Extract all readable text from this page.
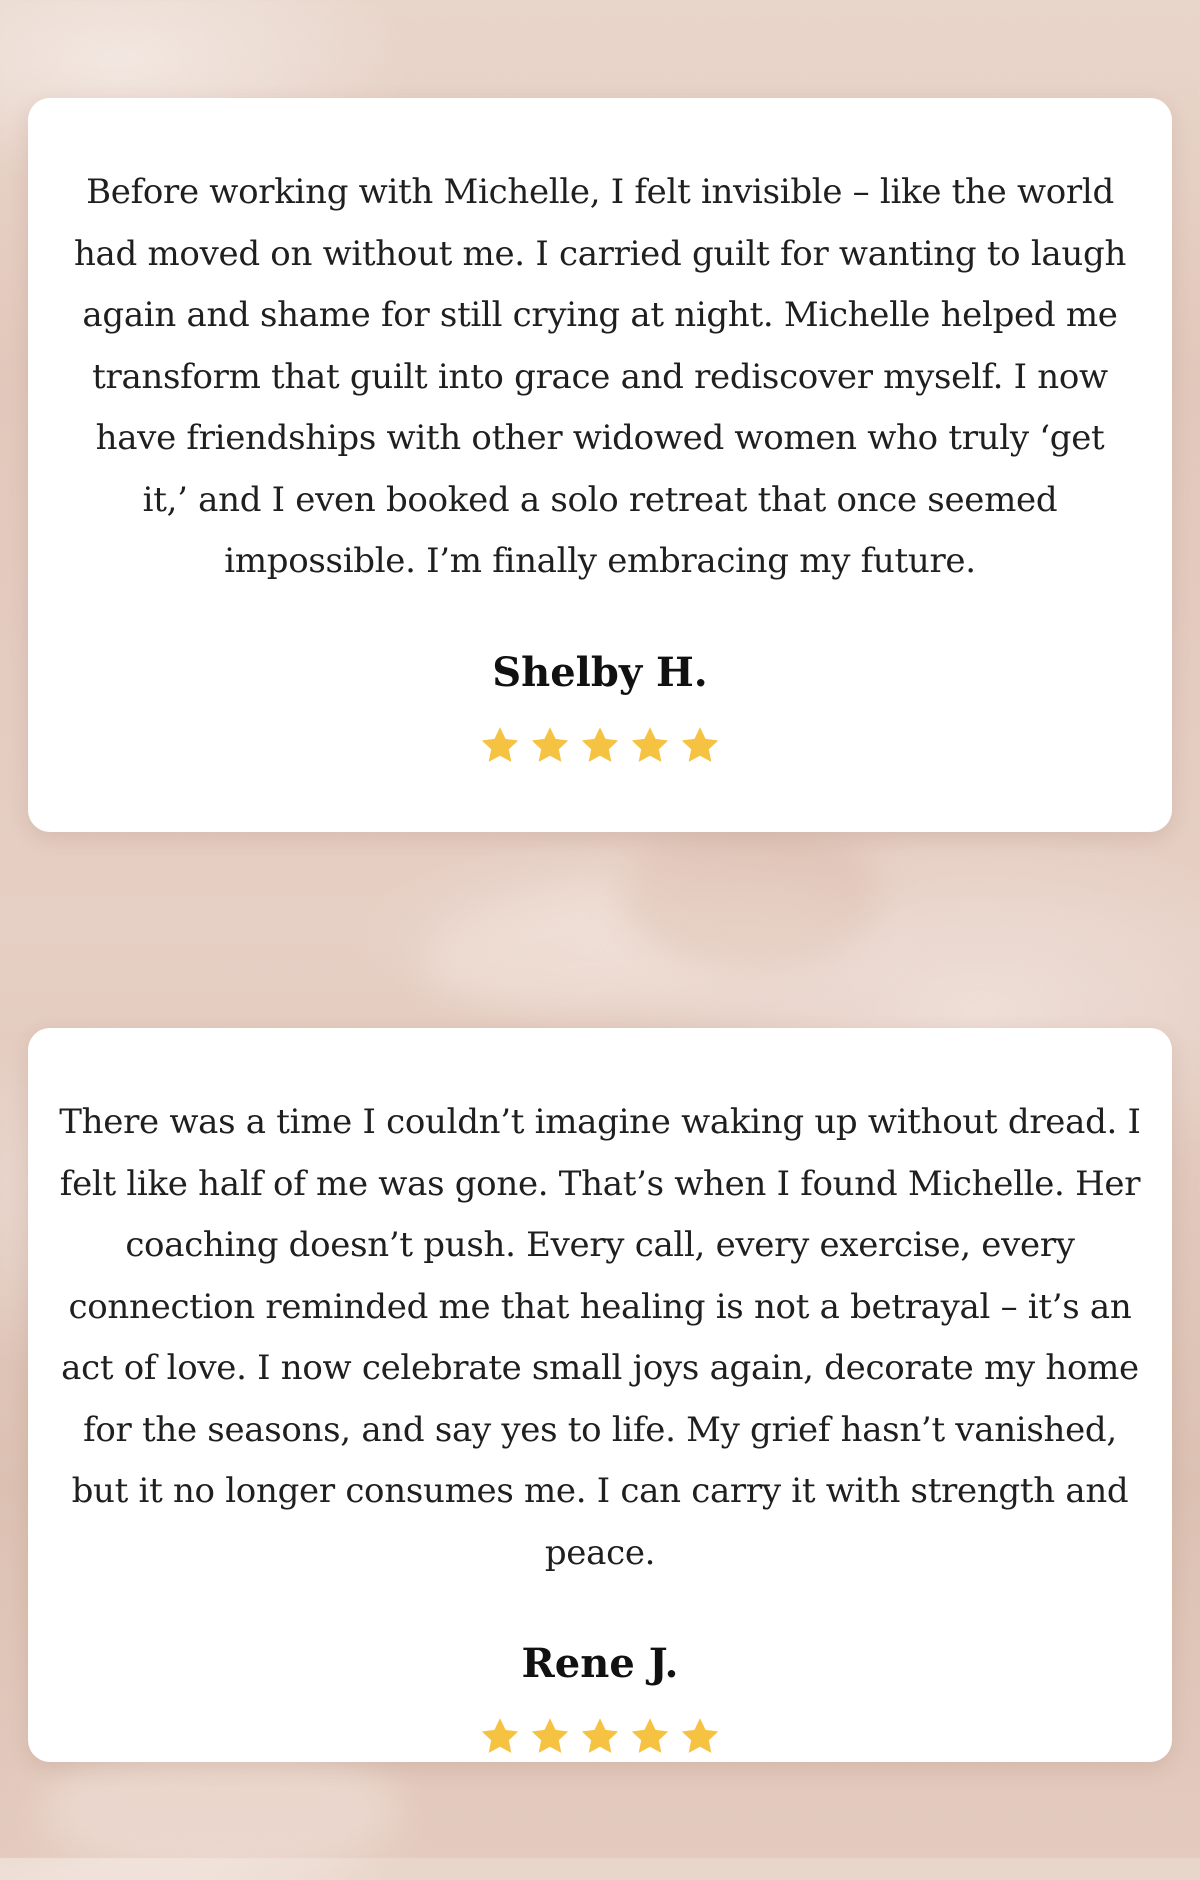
Before working with Michelle, I felt invisible – like the world had moved on without me. I carried guilt for wanting to laugh again and shame for still crying at night. Michelle helped me transform that guilt into grace and rediscover myself. I now have friendships with other widowed women who truly ‘get it,’ and I even booked a solo retreat that once seemed impossible. I’m finally embracing my future.

Shelby H.

There was a time I couldn’t imagine waking up without dread. I felt like half of me was gone. That’s when I found Michelle. Her coaching doesn’t push. Every call, every exercise, every connection reminded me that healing is not a betrayal – it’s an act of love. I now celebrate small joys again, decorate my home for the seasons, and say yes to life. My grief hasn’t vanished, but it no longer consumes me. I can carry it with strength and peace.

Rene J.
